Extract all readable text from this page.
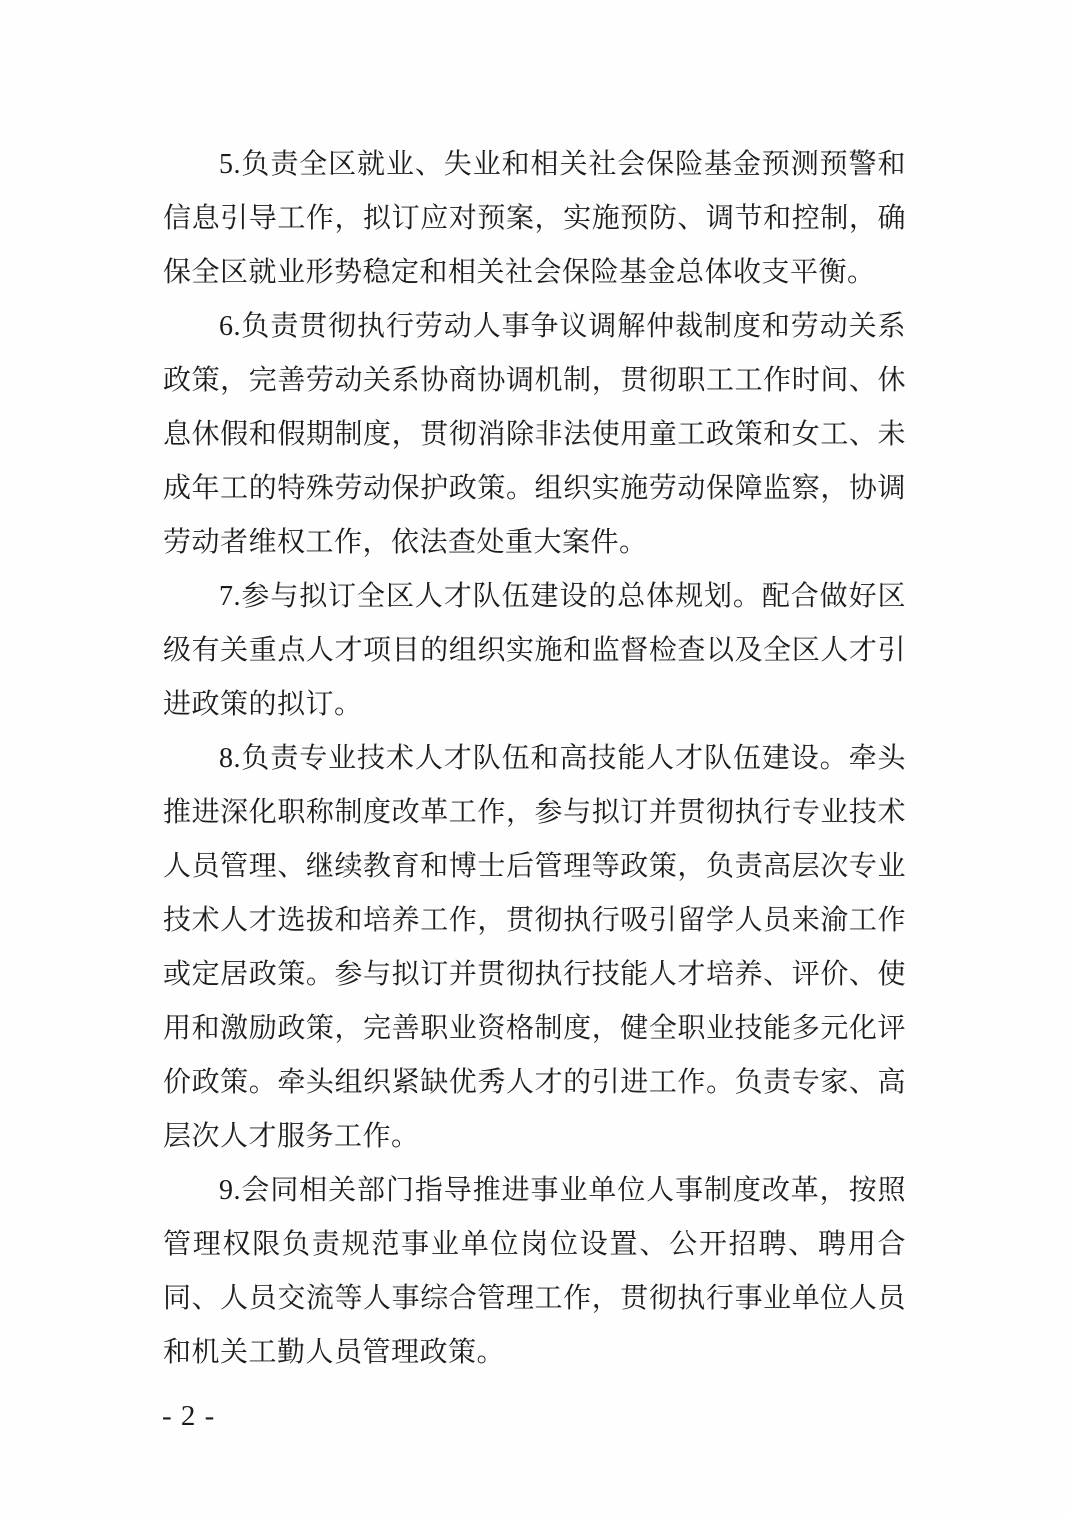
5.负责全区就业、失业和相关社会保险基金预测预警和信息引导工作，拟订应对预案，实施预防、调节和控制，确保全区就业形势稳定和相关社会保险基金总体收支平衡。

6.负责贯彻执行劳动人事争议调解仲裁制度和劳动关系政策，完善劳动关系协商协调机制，贯彻职工工作时间、休息休假和假期制度，贯彻消除非法使用童工政策和女工、未成年工的特殊劳动保护政策。组织实施劳动保障监察，协调劳动者维权工作，依法查处重大案件。

7.参与拟订全区人才队伍建设的总体规划。配合做好区级有关重点人才项目的组织实施和监督检查以及全区人才引进政策的拟订。

8.负责专业技术人才队伍和高技能人才队伍建设。牵头推进深化职称制度改革工作，参与拟订并贯彻执行专业技术人员管理、继续教育和博士后管理等政策，负责高层次专业技术人才选拔和培养工作，贯彻执行吸引留学人员来渝工作或定居政策。参与拟订并贯彻执行技能人才培养、评价、使用和激励政策，完善职业资格制度，健全职业技能多元化评价政策。牵头组织紧缺优秀人才的引进工作。负责专家、高层次人才服务工作。

9.会同相关部门指导推进事业单位人事制度改革，按照管理权限负责规范事业单位岗位设置、公开招聘、聘用合同、人员交流等人事综合管理工作，贯彻执行事业单位人员和机关工勤人员管理政策。

- 2 -
